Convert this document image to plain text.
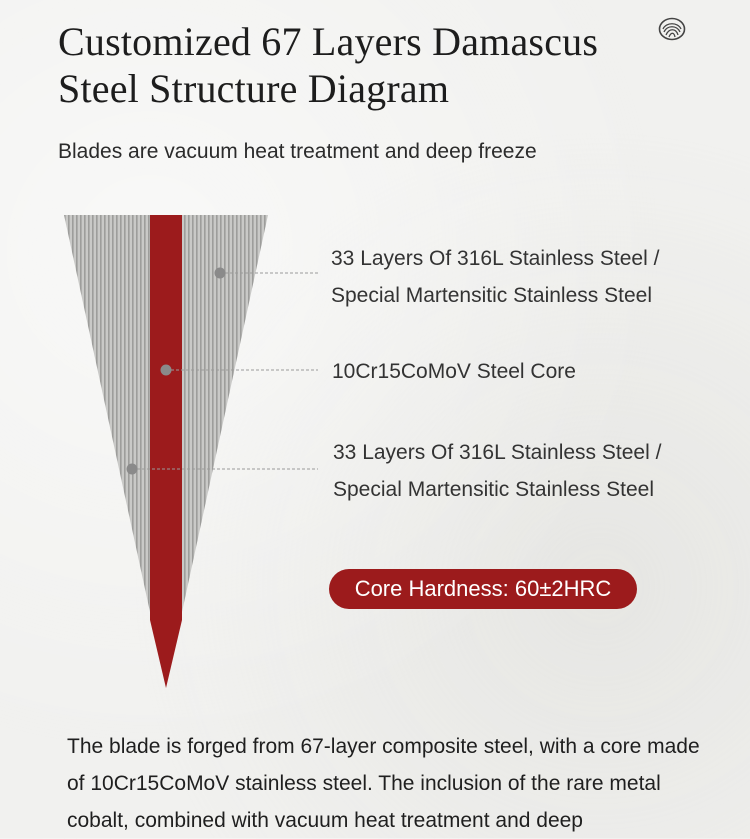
Customized 67 Layers Damascus Steel Structure Diagram
Blades are vacuum heat treatment and deep freeze
33 Layers Of 316L Stainless Steel /
Special Martensitic Stainless Steel
10Cr15CoMoV Steel Core
33 Layers Of 316L Stainless Steel /
Special Martensitic Stainless Steel
Core Hardness: 60±2HRC

The blade is forged from 67-layer composite steel, with a core made of 10Cr15CoMoV stainless steel. The inclusion of the rare metal cobalt, combined with vacuum heat treatment and deep
